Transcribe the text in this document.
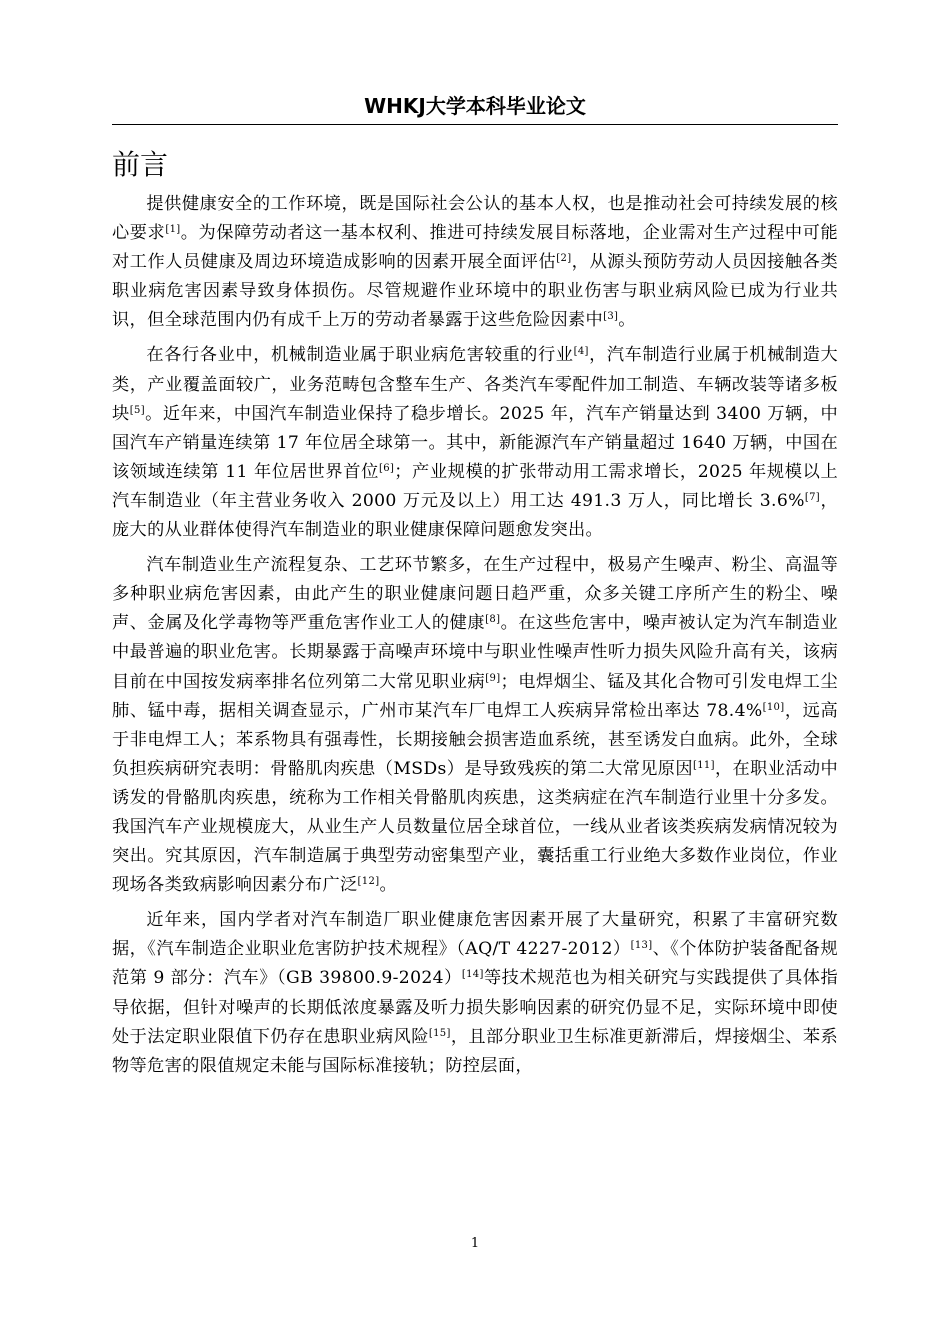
WHKJ大学本科毕业论文
前言

提供健康安全的工作环境，既是国际社会公认的基本人权，也是推动社会可持续发展的核心要求[1]。为保障劳动者这一基本权利、推进可持续发展目标落地，企业需对生产过程中可能对工作人员健康及周边环境造成影响的因素开展全面评估[2]，从源头预防劳动人员因接触各类职业病危害因素导致身体损伤。尽管规避作业环境中的职业伤害与职业病风险已成为行业共识，但全球范围内仍有成千上万的劳动者暴露于这些危险因素中[3]。

在各行各业中，机械制造业属于职业病危害较重的行业[4]，汽车制造行业属于机械制造大类，产业覆盖面较广，业务范畴包含整车生产、各类汽车零配件加工制造、车辆改装等诸多板块[5]。近年来，中国汽车制造业保持了稳步增长。2025 年，汽车产销量达到 3400 万辆，中国汽车产销量连续第 17 年位居全球第一。其中，新能源汽车产销量超过 1640 万辆，中国在该领域连续第 11 年位居世界首位[6]；产业规模的扩张带动用工需求增长，2025 年规模以上汽车制造业（年主营业务收入 2000 万元及以上）用工达 491.3 万人，同比增长 3.6%[7]，庞大的从业群体使得汽车制造业的职业健康保障问题愈发突出。

汽车制造业生产流程复杂、工艺环节繁多，在生产过程中，极易产生噪声、粉尘、高温等多种职业病危害因素，由此产生的职业健康问题日趋严重，众多关键工序所产生的粉尘、噪声、金属及化学毒物等严重危害作业工人的健康[8]。在这些危害中，噪声被认定为汽车制造业中最普遍的职业危害。长期暴露于高噪声环境中与职业性噪声性听力损失风险升高有关，该病目前在中国按发病率排名位列第二大常见职业病[9]；电焊烟尘、锰及其化合物可引发电焊工尘肺、锰中毒，据相关调查显示，广州市某汽车厂电焊工人疾病异常检出率达 78.4%[10]，远高于非电焊工人；苯系物具有强毒性，长期接触会损害造血系统，甚至诱发白血病。此外，全球负担疾病研究表明：骨骼肌肉疾患（MSDs）是导致残疾的第二大常见原因[11]，在职业活动中诱发的骨骼肌肉疾患，统称为工作相关骨骼肌肉疾患，这类病症在汽车制造行业里十分多发。我国汽车产业规模庞大，从业生产人员数量位居全球首位，一线从业者该类疾病发病情况较为突出。究其原因，汽车制造属于典型劳动密集型产业，囊括重工行业绝大多数作业岗位，作业现场各类致病影响因素分布广泛[12]。

近年来，国内学者对汽车制造厂职业健康危害因素开展了大量研究，积累了丰富研究数据，《汽车制造企业职业危害防护技术规程》（AQ/T 4227-2012）[13]、《个体防护装备配备规范第 9 部分：汽车》（GB 39800.9-2024）[14]等技术规范也为相关研究与实践提供了具体指导依据，但针对噪声的长期低浓度暴露及听力损失影响因素的研究仍显不足，实际环境中即使处于法定职业限值下仍存在患职业病风险[15]，且部分职业卫生标准更新滞后，焊接烟尘、苯系物等危害的限值规定未能与国际标准接轨；防控层面，

1
